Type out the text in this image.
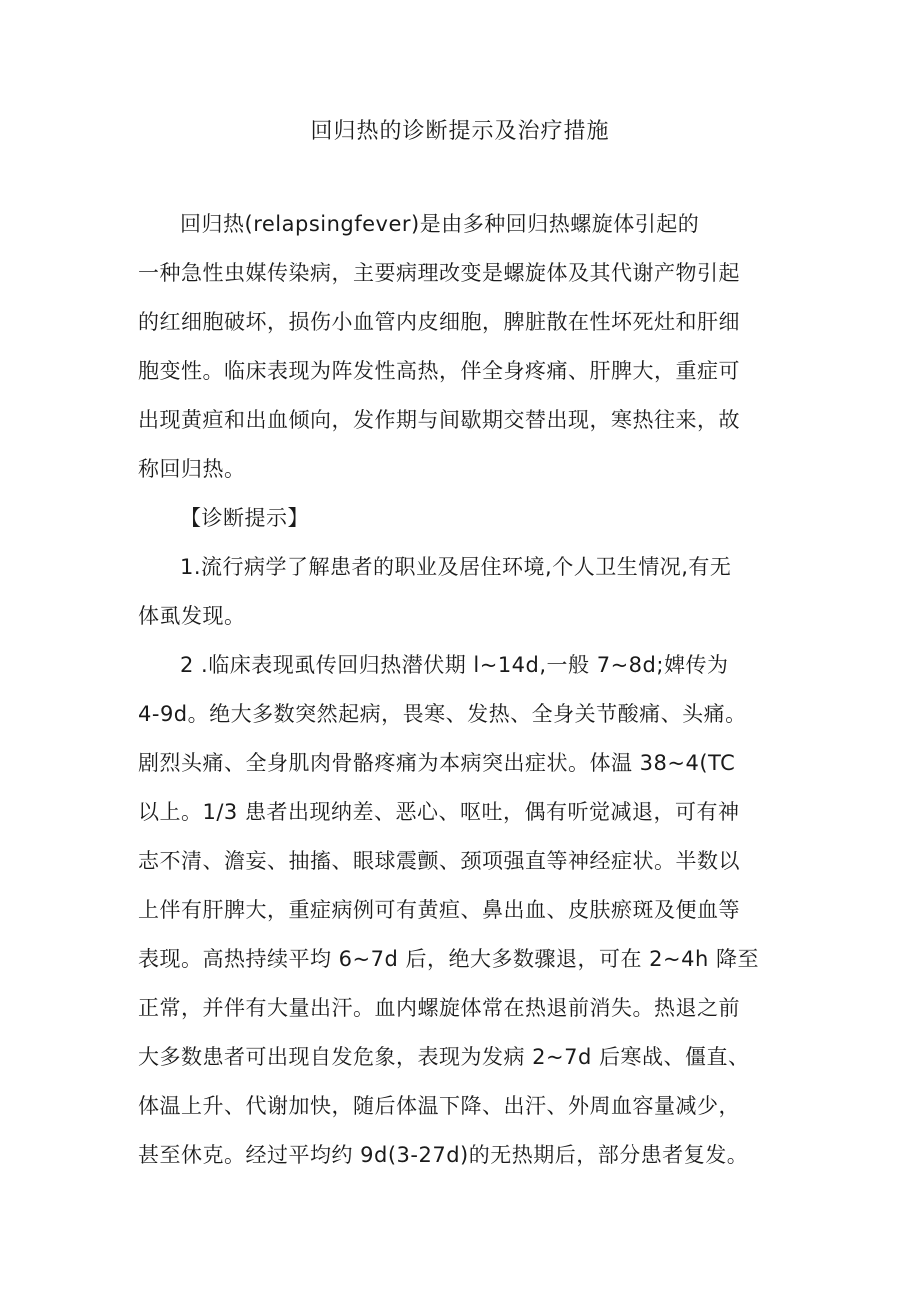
回归热的诊断提示及治疗措施
回归热(relapsingfever)是由多种回归热螺旋体引起的
一种急性虫媒传染病，主要病理改变是螺旋体及其代谢产物引起
的红细胞破坏，损伤小血管内皮细胞，脾脏散在性坏死灶和肝细
胞变性。临床表现为阵发性高热，伴全身疼痛、肝脾大，重症可
出现黄疸和出血倾向，发作期与间歇期交替出现，寒热往来，故
称回归热。
【诊断提示】
1.流行病学了解患者的职业及居住环境,个人卫生情况,有无
体虱发现。
2 .临床表现虱传回归热潜伏期 l~14d,一般 7~8d;婢传为
4-9d。绝大多数突然起病，畏寒、发热、全身关节酸痛、头痛。
剧烈头痛、全身肌肉骨骼疼痛为本病突出症状。体温 38~4(TC
以上。1/3 患者出现纳差、恶心、呕吐，偶有听觉减退，可有神
志不清、澹妄、抽搐、眼球震颤、颈项强直等神经症状。半数以
上伴有肝脾大，重症病例可有黄疸、鼻出血、皮肤瘀斑及便血等
表现。高热持续平均 6~7d 后，绝大多数骤退，可在 2~4h 降至
正常，并伴有大量出汗。血内螺旋体常在热退前消失。热退之前
大多数患者可出现自发危象，表现为发病 2~7d 后寒战、僵直、
体温上升、代谢加快，随后体温下降、出汗、外周血容量减少，
甚至休克。经过平均约 9d(3-27d)的无热期后，部分患者复发。
